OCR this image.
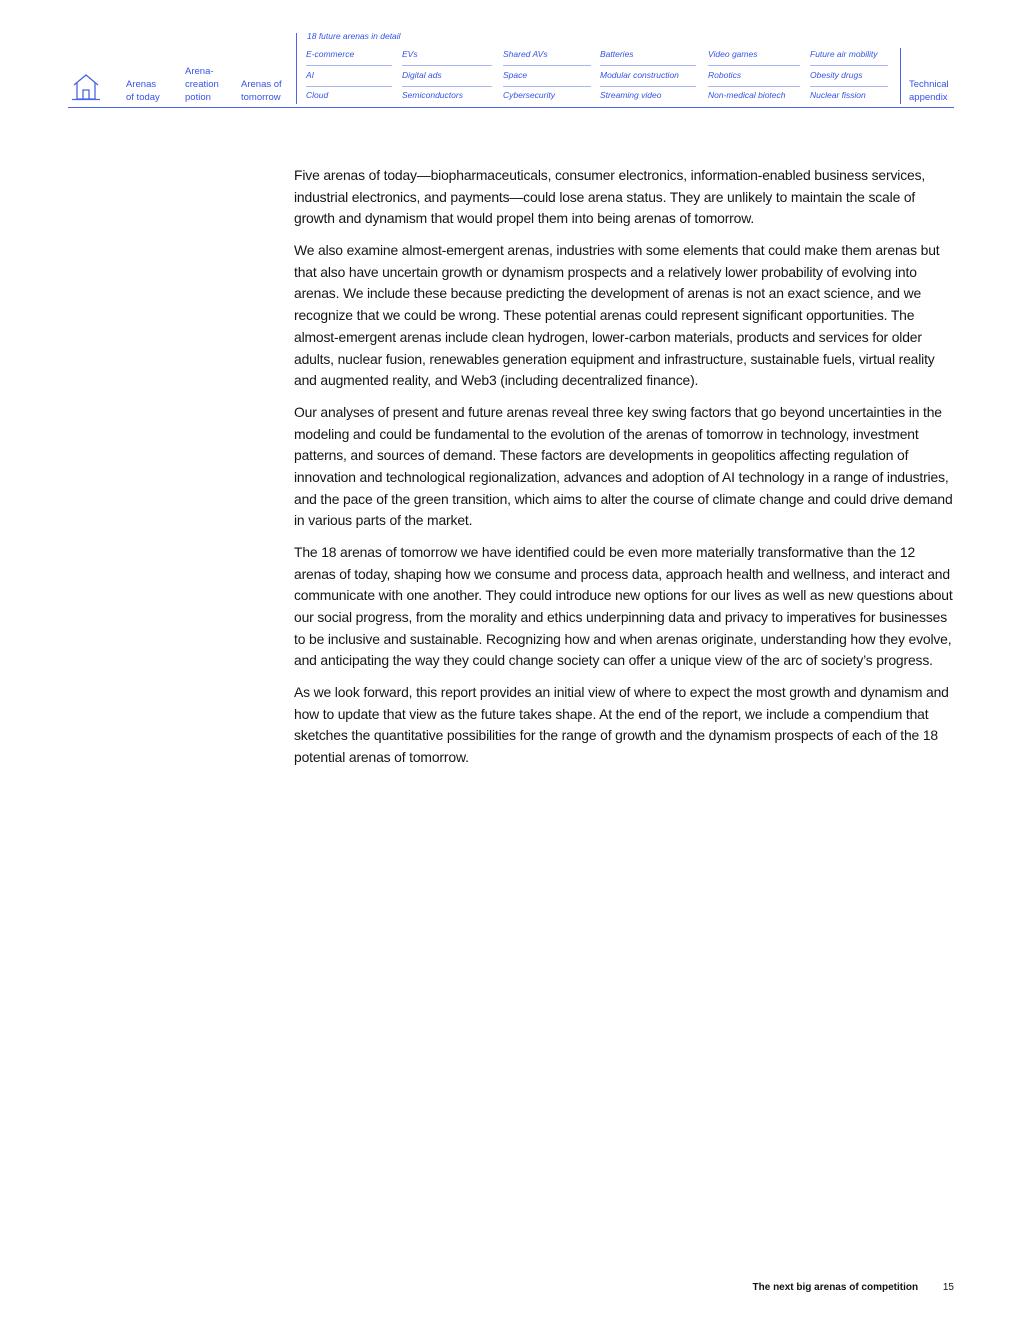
Arenas
of today
Arena-
creation
potion
Arenas of
tomorrow
18 future arenas in detail
E-commerce	EVs	Shared AVs	Batteries	Video games	Future air mobility
AI	Digital ads	Space	Modular construction	Robotics	Obesity drugs
Cloud	Semiconductors	Cybersecurity	Streaming video	Non-medical biotech	Nuclear fission
Technical
appendix

Five arenas of today—biopharmaceuticals, consumer electronics, information-enabled business services, industrial electronics, and payments—could lose arena status. They are unlikely to maintain the scale of growth and dynamism that would propel them into being arenas of tomorrow.

We also examine almost-emergent arenas, industries with some elements that could make them arenas but that also have uncertain growth or dynamism prospects and a relatively lower probability of evolving into arenas. We include these because predicting the development of arenas is not an exact science, and we recognize that we could be wrong. These potential arenas could represent significant opportunities. The almost-emergent arenas include clean hydrogen, lower-carbon materials, products and services for older adults, nuclear fusion, renewables generation equipment and infrastructure, sustainable fuels, virtual reality and augmented reality, and Web3 (including decentralized finance).

Our analyses of present and future arenas reveal three key swing factors that go beyond uncertainties in the modeling and could be fundamental to the evolution of the arenas of tomorrow in technology, investment patterns, and sources of demand. These factors are developments in geopolitics affecting regulation of innovation and technological regionalization, advances and adoption of AI technology in a range of industries, and the pace of the green transition, which aims to alter the course of climate change and could drive demand in various parts of the market.

The 18 arenas of tomorrow we have identified could be even more materially transformative than the 12 arenas of today, shaping how we consume and process data, approach health and wellness, and interact and communicate with one another. They could introduce new options for our lives as well as new questions about our social progress, from the morality and ethics underpinning data and privacy to imperatives for businesses to be inclusive and sustainable. Recognizing how and when arenas originate, understanding how they evolve, and anticipating the way they could change society can offer a unique view of the arc of society’s progress.

As we look forward, this report provides an initial view of where to expect the most growth and dynamism and how to update that view as the future takes shape. At the end of the report, we include a compendium that sketches the quantitative possibilities for the range of growth and the dynamism prospects of each of the 18 potential arenas of tomorrow.

The next big arenas of competition 15
